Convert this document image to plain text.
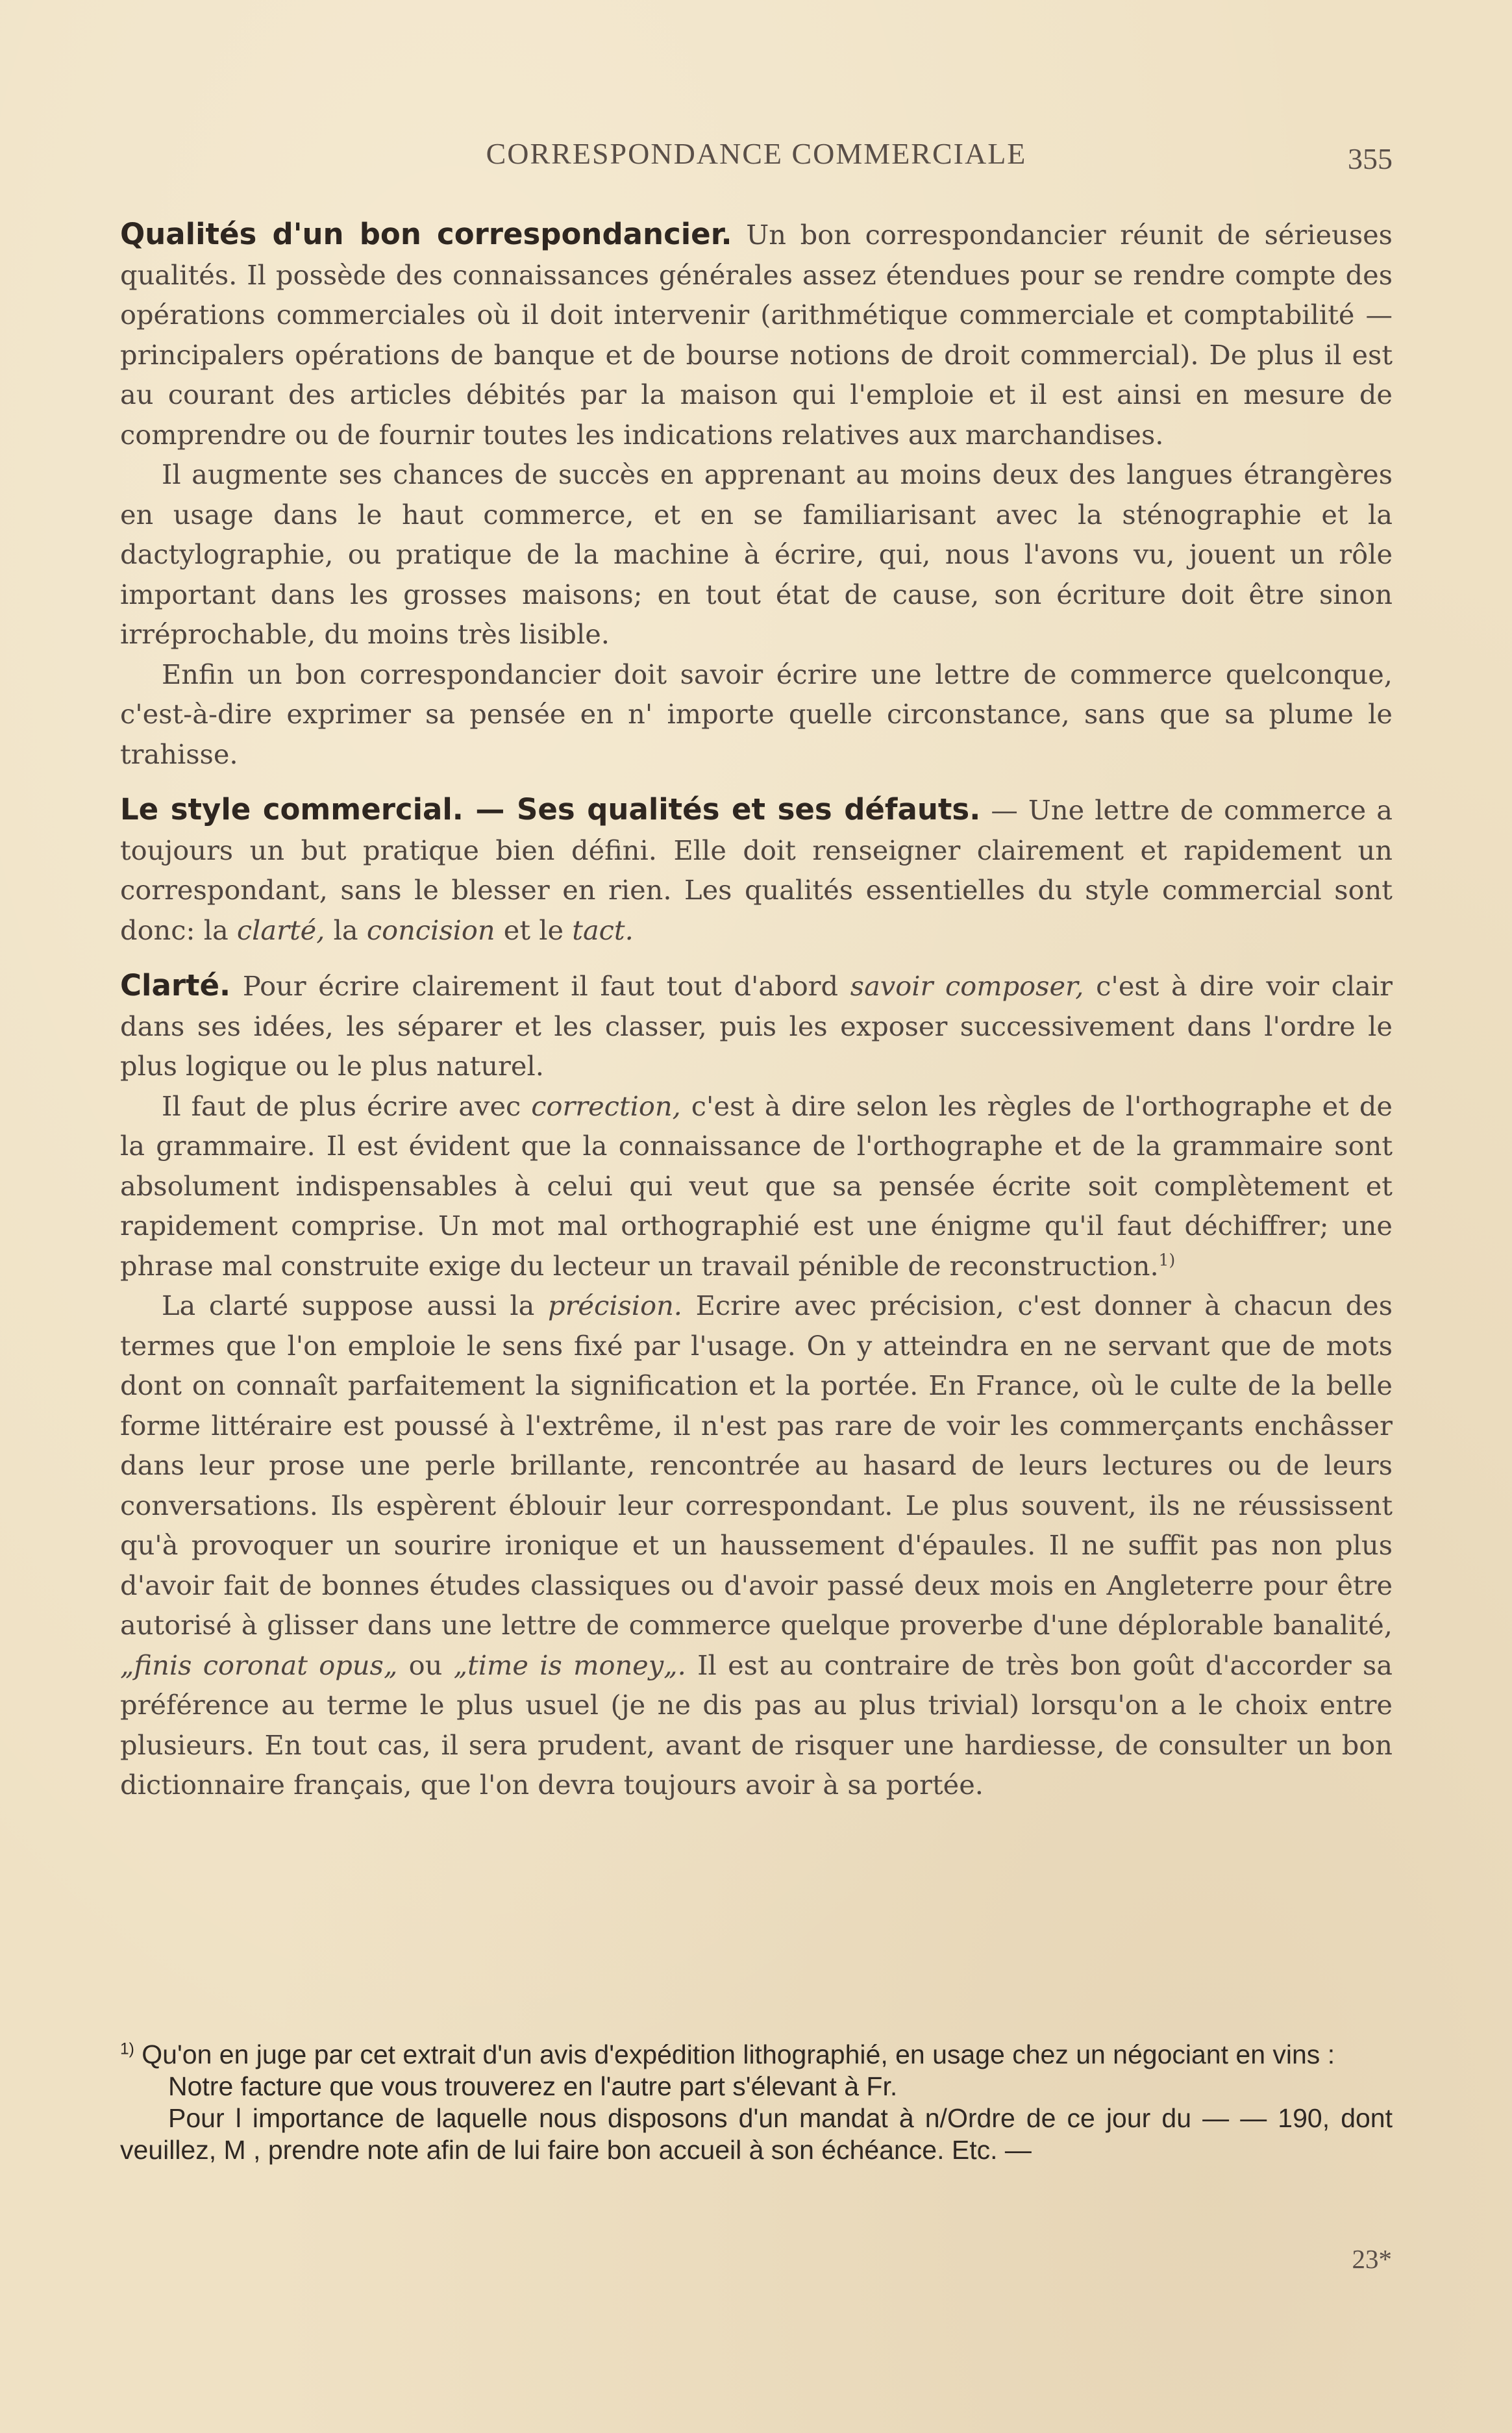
CORRESPONDANCE COMMERCIALE	355

Qualités d'un bon correspondancier. Un bon correspondancier réunit de sérieuses qualités. Il possède des connaissances générales assez étendues pour se rendre compte des opérations commerciales où il doit intervenir (arithmétique commerciale et comptabilité — principalers opérations de banque et de bourse notions de droit commercial). De plus il est au courant des articles débités par la maison qui l'emploie et il est ainsi en mesure de comprendre ou de fournir toutes les indications relatives aux marchandises.

Il augmente ses chances de succès en apprenant au moins deux des langues étrangères en usage dans le haut commerce, et en se familiarisant avec la sténographie et la dactylographie, ou pratique de la machine à écrire, qui, nous l'avons vu, jouent un rôle important dans les grosses maisons; en tout état de cause, son écriture doit être sinon irréprochable, du moins très lisible.

Enfin un bon correspondancier doit savoir écrire une lettre de commerce quelconque, c'est-à-dire exprimer sa pensée en n' importe quelle circonstance, sans que sa plume le trahisse.

Le style commercial. — Ses qualités et ses défauts. — Une lettre de commerce a toujours un but pratique bien défini. Elle doit renseigner clairement et rapidement un correspondant, sans le blesser en rien. Les qualités essentielles du style commercial sont donc: la clarté, la concision et le tact.

Clarté. Pour écrire clairement il faut tout d'abord savoir composer, c'est à dire voir clair dans ses idées, les séparer et les classer, puis les exposer successivement dans l'ordre le plus logique ou le plus naturel.

Il faut de plus écrire avec correction, c'est à dire selon les règles de l'orthographe et de la grammaire. Il est évident que la connaissance de l'orthographe et de la grammaire sont absolument indispensables à celui qui veut que sa pensée écrite soit complètement et rapidement comprise. Un mot mal orthographié est une énigme qu'il faut déchiffrer; une phrase mal construite exige du lecteur un travail pénible de reconstruction.$^{1)}$

La clarté suppose aussi la précision. Ecrire avec précision, c'est donner à chacun des termes que l'on emploie le sens fixé par l'usage. On y atteindra en ne servant que de mots dont on connaît parfaitement la signification et la portée. En France, où le culte de la belle forme littéraire est poussé à l'extrême, il n'est pas rare de voir les commerçants enchâsser dans leur prose une perle brillante, rencontrée au hasard de leurs lectures ou de leurs conversations. Ils espèrent éblouir leur correspondant. Le plus souvent, ils ne réussissent qu'à provoquer un sourire ironique et un haussement d'épaules. Il ne suffit pas non plus d'avoir fait de bonnes études classiques ou d'avoir passé deux mois en Angleterre pour être autorisé à glisser dans une lettre de commerce quelque proverbe d'une déplorable banalité, „finis coronat opus„ ou „time is money„. Il est au contraire de très bon goût d'accorder sa préférence au terme le plus usuel (je ne dis pas au plus trivial) lorsqu'on a le choix entre plusieurs. En tout cas, il sera prudent, avant de risquer une hardiesse, de consulter un bon dictionnaire français, que l'on devra toujours avoir à sa portée.

$^{1)}$ Qu'on en juge par cet extrait d'un avis d'expédition lithographié, en usage chez un négociant en vins :

Notre facture que vous trouverez en l'autre part s'élevant à Fr.

Pour l importance de laquelle nous disposons d'un mandat à n/Ordre de ce jour du — — 190, dont veuillez, M , prendre note afin de lui faire bon accueil à son échéance. Etc. —

23*
